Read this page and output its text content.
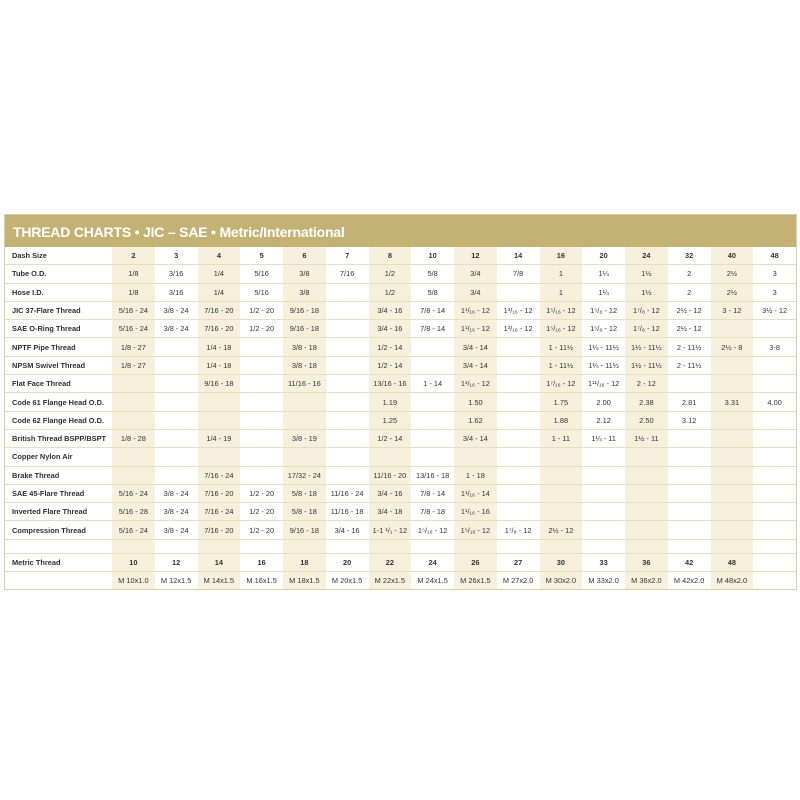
THREAD CHARTS • JIC – SAE • Metric/International
Dash Size	2	3	4	5	6	7	8	10	12	14	16	20	24	32	40	48
Tube O.D.	1/8	3/16	1/4	5/16	3/8	7/16	1/2	5/8	3/4	7/8	1	1¼	1½	2	2½	3
Hose I.D.	1/8	3/16	1/4	5/16	3/8		1/2	5/8	3/4		1	1¼	1½	2	2½	3
JIC 37-Flare Thread	5/16 - 24	3/8 - 24	7/16 - 20	1/2 - 20	9/16 - 18		3/4 - 16	7/8 - 14	1¹/₁₆ - 12	1³/₁₆ - 12	1⁵/₁₆ - 12	1⁵/₈ - 12	1⁷/₈ - 12	2½ - 12	3 - 12	3½ - 12
SAE O-Ring Thread	5/16 - 24	3/8 - 24	7/16 - 20	1/2 - 20	9/16 - 18		3/4 - 16	7/8 - 14	1¹/₁₆ - 12	1³/₁₆ - 12	1⁵/₁₆ - 12	1⁵/₈ - 12	1⁷/₈ - 12	2½ - 12		
NPTF Pipe Thread	1/8 - 27		1/4 - 18		3/8 - 18		1/2 - 14		3/4 - 14		1 - 11½	1¼ - 11½	1½ - 11½	2 - 11½	2½ - 8	3-8
NPSM Swivel Thread	1/8 - 27		1/4 - 18		3/8 - 18		1/2 - 14		3/4 - 14		1 - 11½	1¼ - 11½	1½ - 11½	2 - 11½		
Flat Face Thread			9/16 - 18		11/16 - 16		13/16 - 16	1 - 14	1³/₁₆ - 12		1⁷/₁₆ - 12	1¹¹/₁₆ - 12	2 - 12			
Code 61 Flange Head O.D.							1.19		1.50		1.75	2.00	2.38	2.81	3.31	4.00
Code 62 Flange Head O.D.							1.25		1.62		1.88	2.12	2.50	3.12		
British Thread BSPP/BSPT	1/8 - 28		1/4 - 19		3/8 - 19		1/2 - 14		3/4 - 14		1 - 11	1¼ - 11	1½ - 11			
Copper Nylon Air																
Brake Thread			7/16 - 24		17/32 - 24		11/16 - 20	13/16 - 18	1 - 18							
SAE 45-Flare Thread	5/16 - 24	3/8 - 24	7/16 - 20	1/2 - 20	5/8 - 18	11/16 - 24	3/4 - 16	7/8 - 14	1¹/₁₆ - 14							
Inverted Flare Thread	5/16 - 28	3/8 - 24	7/16 - 24	1/2 - 20	5/8 - 18	11/16 - 18	3/4 - 18	7/8 - 18	1¹/₁₆ - 16							
Compression Thread	5/16 - 24	3/8 - 24	7/16 - 20	1/2 - 20	9/16 - 18	3/4 - 16	1-1 ¹/₁ - 12	1⁵/₁₆ - 12	1⁵/₁₆ - 12	1⁷/₈ - 12	2½ - 12					

Metric Thread	10	12	14	16	18	20	22	24	26	27	30	33	36	42	48	
	M 10x1.0	M 12x1.5	M 14x1.5	M 16x1.5	M 18x1.5	M 20x1.5	M 22x1.5	M 24x1.5	M 26x1.5	M 27x2.0	M 30x2.0	M 33x2.0	M 36x2.0	M 42x2.0	M 48x2.0	
